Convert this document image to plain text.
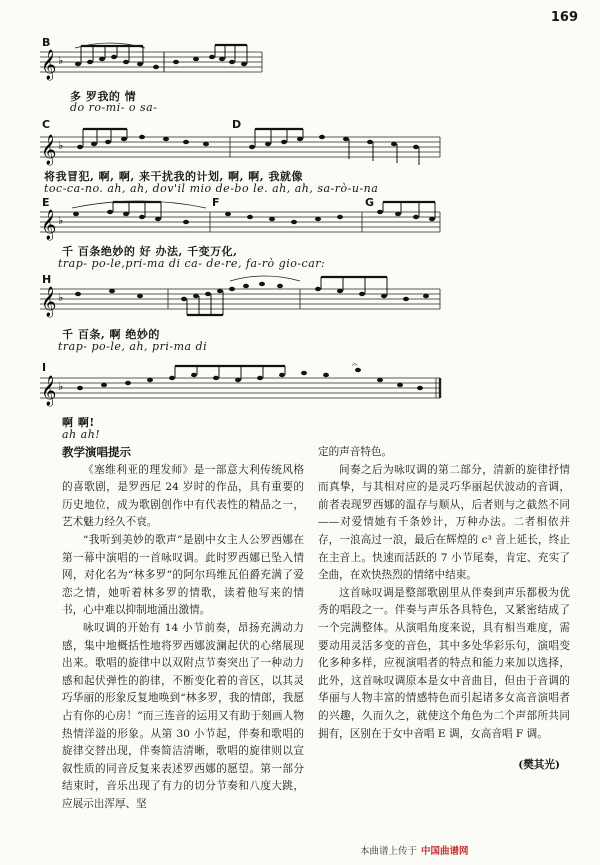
169
𝄞 ♭
B
多 罗我的 情
do ro-mi- o sa-
𝄞 ♭
C	D
将我冒犯, 啊, 啊, 来干扰我的计划, 啊, 啊, 我就像
toc-ca-no. ah, ah, dov'il mio de-bo le. ah, ah, sa-rò-u-na
𝄞 ♭
E	F	G
千 百条绝妙的 好 办法, 千变万化,
trap- po-le,pri-ma di ca- de-re, fa-rò gio-car:
𝄞 ♭
H
千 百条, 啊 绝妙的
trap- po-le, ah, pri-ma di
𝄞 ♭
𝄐
I
啊 啊!
ah ah!
教学演唱提示

《塞维利亚的理发师》是一部意大利传统风格的喜歌剧，是罗西尼 24 岁时的作品，具有重要的历史地位，成为歌剧创作中有代表性的精品之一，艺术魅力经久不衰。

“我听到美妙的歌声”是剧中女主人公罗西娜在第一幕中演唱的一首咏叹调。此时罗西娜已坠入情网，对化名为“林多罗”的阿尔玛维瓦伯爵充满了爱恋之情，她听着林多罗的情歌，读着他写来的情书，心中难以抑制地涌出激情。

咏叹调的开始有 14 小节前奏，昂扬充满动力感，集中地概括性地将罗西娜波澜起伏的心绪展现出来。歌唱的旋律中以双附点节奏突出了一种动力感和起伏弹性的韵律，不断变化着的音区，以其灵巧华丽的形象反复地唤到“林多罗，我的情郎，我愿占有你的心房！”而三连音的运用又有助于刻画人物热情洋溢的形象。从第 30 小节起，伴奏和歌唱的旋律交替出现，伴奏简洁清晰，歌唱的旋律则以宣叙性质的同音反复来表述罗西娜的愿望。第一部分结束时，音乐出现了有力的切分节奏和八度大跳，应展示出浑厚、坚

定的声音特色。

间奏之后为咏叹调的第二部分，清新的旋律抒情而真挚，与其相对应的是灵巧华丽起伏波动的音调，前者表现罗西娜的温存与顺从，后者则与之截然不同——对爱情她有千条妙计，万种办法。二者相依并存，一浪高过一浪，最后在辉煌的 c³ 音上延长，终止在主音上。快速而活跃的 7 小节尾奏，肯定、充实了全曲，在欢快热烈的情绪中结束。

这首咏叹调是整部歌剧里从伴奏到声乐都极为优秀的唱段之一。伴奏与声乐各具特色，又紧密结成了一个完满整体。从演唱角度来说，具有相当难度，需要动用灵活多变的音色，其中多处华彩乐句，演唱变化多种多样，应视演唱者的特点和能力来加以选择，此外，这首咏叹调原本是女中音曲目，但由于音调的华丽与人物丰富的情感特色而引起诸多女高音演唱者的兴趣，久而久之，就使这个角色为二个声部所共同拥有，区别在于女中音唱 E 调，女高音唱 F 调。

(樊其光)
本曲谱上传于 中国曲谱网
